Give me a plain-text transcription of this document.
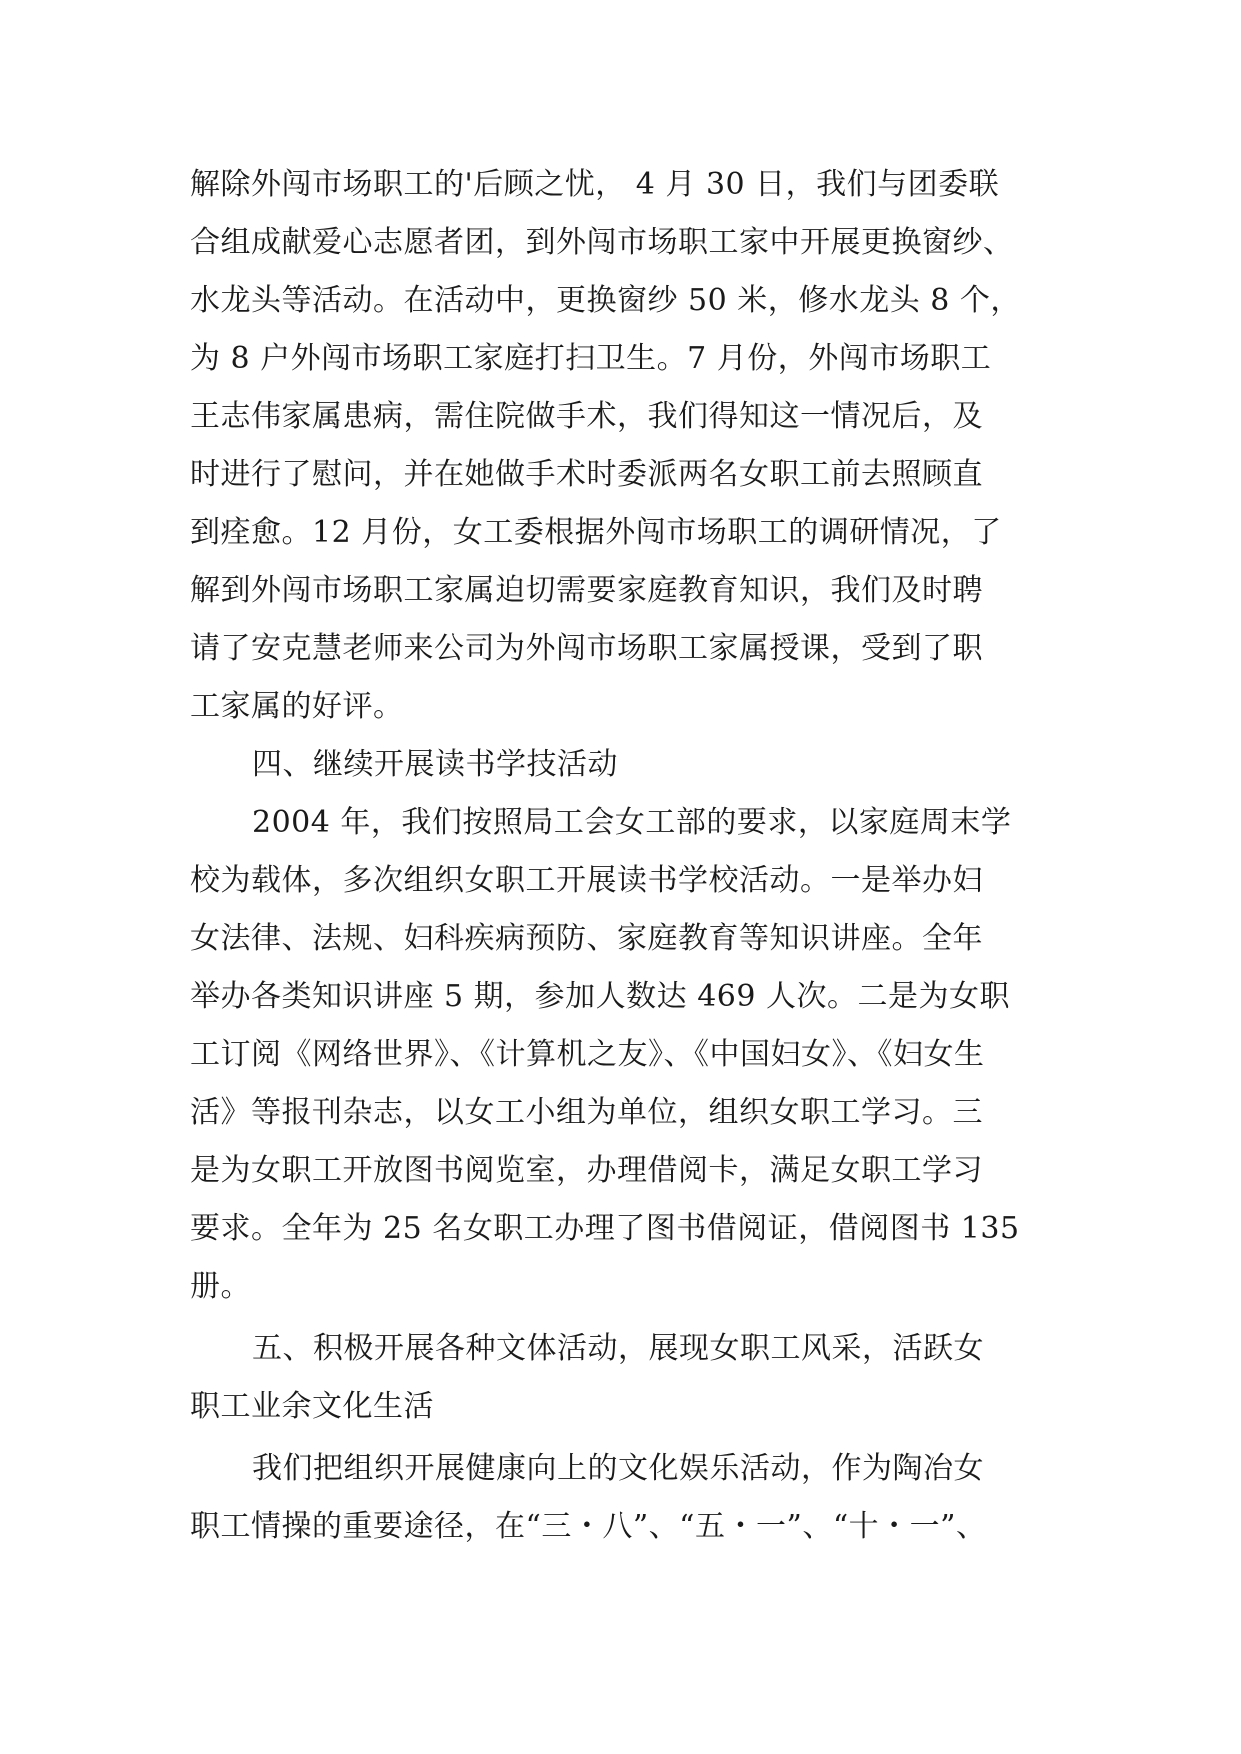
解除外闯市场职工的'后顾之忧， 4 月 30 日，我们与团委联
合组成献爱心志愿者团，到外闯市场职工家中开展更换窗纱、
水龙头等活动。在活动中，更换窗纱 50 米，修水龙头 8 个，
为 8 户外闯市场职工家庭打扫卫生。7 月份，外闯市场职工
王志伟家属患病，需住院做手术，我们得知这一情况后，及
时进行了慰问，并在她做手术时委派两名女职工前去照顾直
到痊愈。12 月份，女工委根据外闯市场职工的调研情况，了
解到外闯市场职工家属迫切需要家庭教育知识，我们及时聘
请了安克慧老师来公司为外闯市场职工家属授课，受到了职
工家属的好评。
四、继续开展读书学技活动
2004 年，我们按照局工会女工部的要求，以家庭周末学
校为载体，多次组织女职工开展读书学校活动。一是举办妇
女法律、法规、妇科疾病预防、家庭教育等知识讲座。全年
举办各类知识讲座 5 期，参加人数达 469 人次。二是为女职
工订阅《网络世界》、《计算机之友》、《中国妇女》、《妇女生
活》等报刊杂志，以女工小组为单位，组织女职工学习。三
是为女职工开放图书阅览室，办理借阅卡，满足女职工学习
要求。全年为 25 名女职工办理了图书借阅证，借阅图书 135
册。
五、积极开展各种文体活动，展现女职工风采，活跃女
职工业余文化生活
我们把组织开展健康向上的文化娱乐活动，作为陶冶女
职工情操的重要途径，在“三・八”、“五・一”、“十・一”、
